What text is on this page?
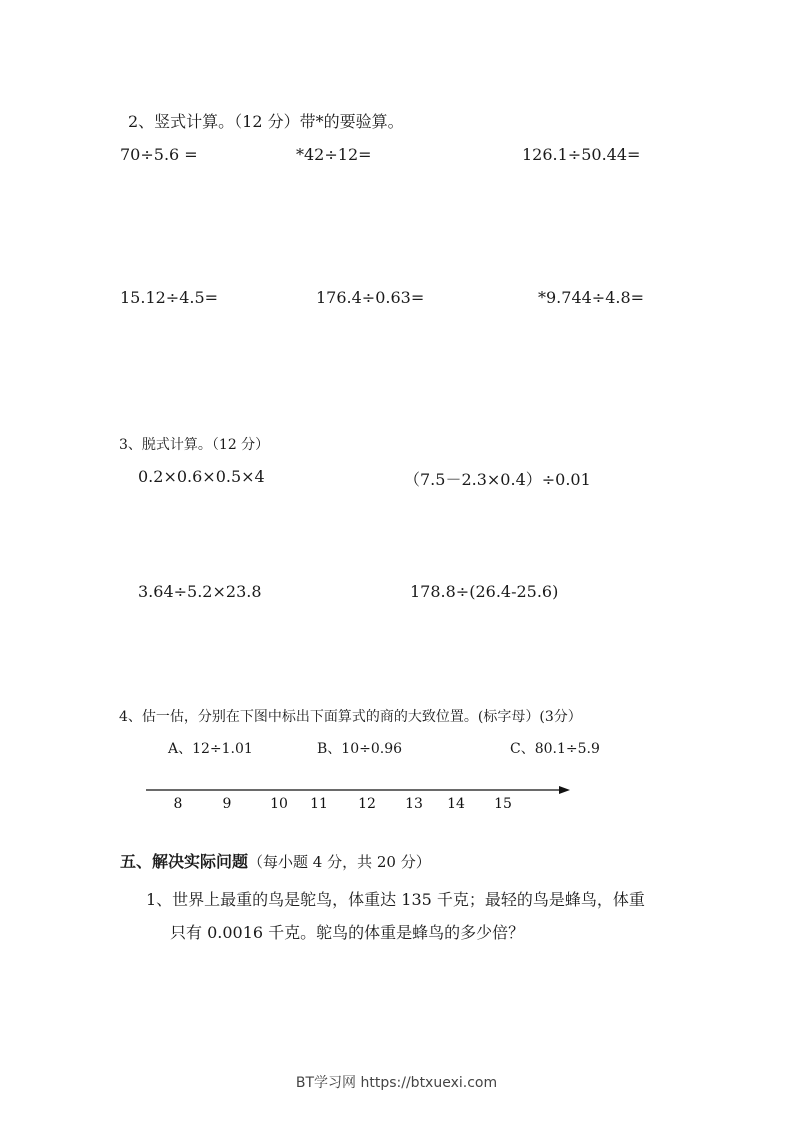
2、竖式计算。（12 分）带*的要验算。
70÷5.6 =	*42÷12=	126.1÷50.44=
15.12÷4.5=	176.4÷0.63=	*9.744÷4.8=
3、脱式计算。（12 分）
0.2×0.6×0.5×4	（7.5－2.3×0.4）÷0.01
3.64÷5.2×23.8	178.8÷(26.4-25.6)
4、估一估，分别在下图中标出下面算式的商的大致位置。(标字母）(3分）
A、12÷1.01	B、10÷0.96	C、80.1÷5.9
8	9	10 11 12 13 14 15
五、解决实际问题（每小题 4 分，共 20 分）
1、世界上最重的鸟是鸵鸟，体重达 135 千克；最轻的鸟是蜂鸟，体重
只有 0.0016 千克。鸵鸟的体重是蜂鸟的多少倍？
BT学习网 https://btxuexi.com
